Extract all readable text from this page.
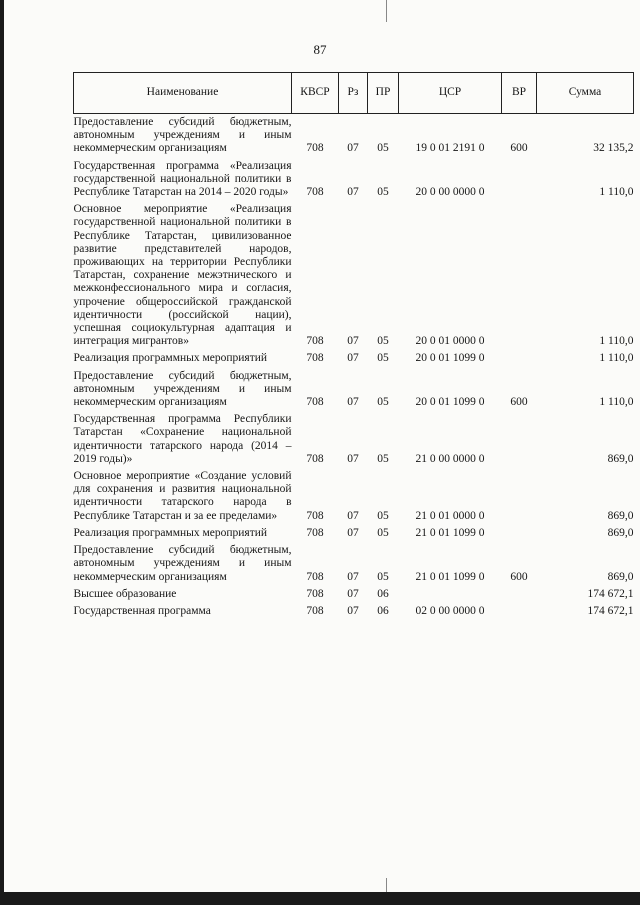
87
Наименование	КВСР	Рз	ПР	ЦСР	ВР	Сумма
Предоставление субсидий бюджетным, автономным учреждениям и иным некоммерческим организациям	708	07	05	19 0 01 2191 0	600	32 135,2
Государственная программа «Реализация государственной национальной политики в Республике Татарстан на 2014 – 2020 годы»	708	07	05	20 0 00 0000 0		1 110,0
Основное мероприятие «Реализация государственной национальной политики в Республике Татарстан, цивилизованное развитие представителей народов, проживающих на территории Республики Татарстан, сохранение межэтнического и межконфессионального мира и согласия, упрочение общероссийской гражданской идентичности (российской нации), успешная социокультурная адаптация и интеграция мигрантов»	708	07	05	20 0 01 0000 0		1 110,0
Реализация программных мероприятий	708	07	05	20 0 01 1099 0		1 110,0
Предоставление субсидий бюджетным, автономным учреждениям и иным некоммерческим организациям	708	07	05	20 0 01 1099 0	600	1 110,0
Государственная программа Республики Татарстан «Сохранение национальной идентичности татарского народа (2014 – 2019 годы)»	708	07	05	21 0 00 0000 0		869,0
Основное мероприятие «Создание условий для сохранения и развития национальной идентичности татарского народа в Республике Татарстан и за ее пределами»	708	07	05	21 0 01 0000 0		869,0
Реализация программных мероприятий	708	07	05	21 0 01 1099 0		869,0
Предоставление субсидий бюджетным, автономным учреждениям и иным некоммерческим организациям	708	07	05	21 0 01 1099 0	600	869,0
Высшее образование	708	07	06			174 672,1
Государственная программа	708	07	06	02 0 00 0000 0		174 672,1
